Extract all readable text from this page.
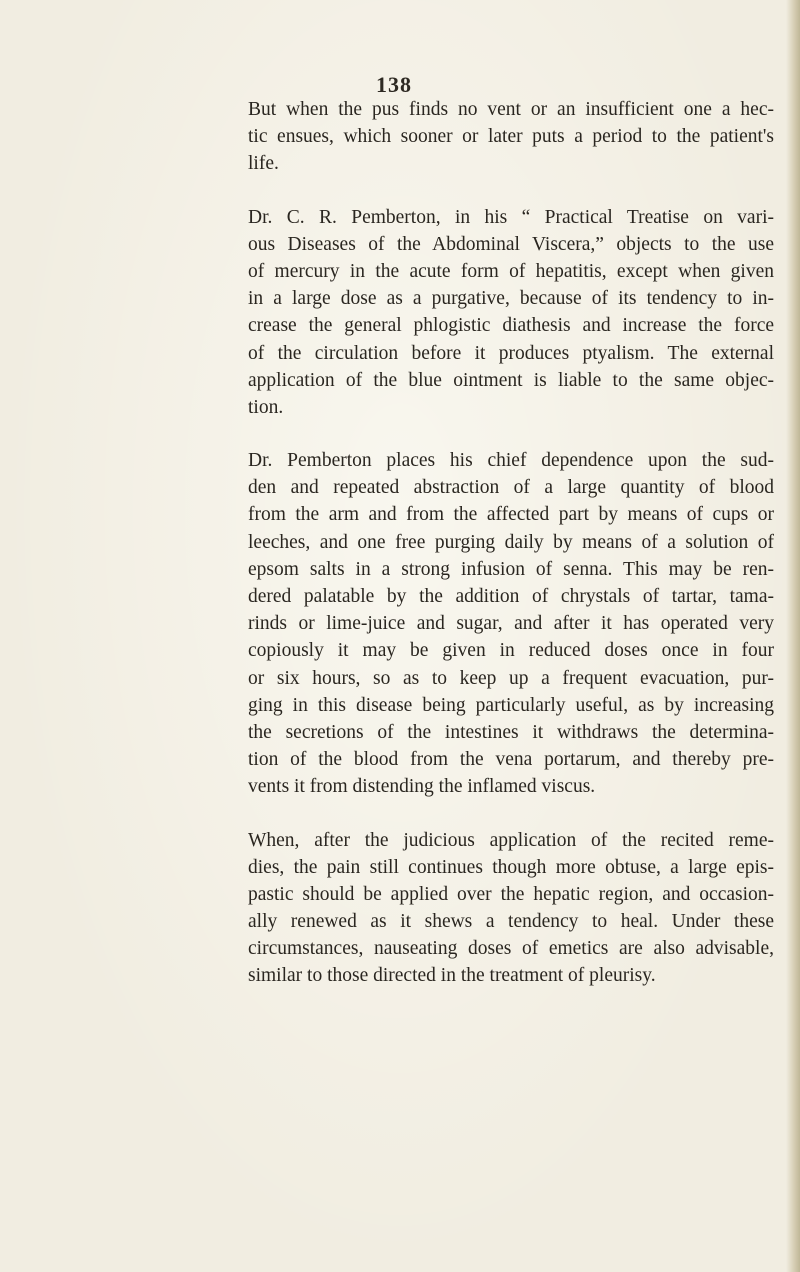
138
But when the pus finds no vent or an insufficient one a hec-
tic ensues, which sooner or later puts a period to the patient's
life.
Dr. C. R. Pemberton, in his “ Practical Treatise on vari-
ous Diseases of the Abdominal Viscera,” objects to the use
of mercury in the acute form of hepatitis, except when given
in a large dose as a purgative, because of its tendency to in-
crease the general phlogistic diathesis and increase the force
of the circulation before it produces ptyalism. The external
application of the blue ointment is liable to the same objec-
tion.
Dr. Pemberton places his chief dependence upon the sud-
den and repeated abstraction of a large quantity of blood
from the arm and from the affected part by means of cups or
leeches, and one free purging daily by means of a solution of
epsom salts in a strong infusion of senna. This may be ren-
dered palatable by the addition of chrystals of tartar, tama-
rinds or lime-juice and sugar, and after it has operated very
copiously it may be given in reduced doses once in four
or six hours, so as to keep up a frequent evacuation, pur-
ging in this disease being particularly useful, as by increasing
the secretions of the intestines it withdraws the determina-
tion of the blood from the vena portarum, and thereby pre-
vents it from distending the inflamed viscus.
When, after the judicious application of the recited reme-
dies, the pain still continues though more obtuse, a large epis-
pastic should be applied over the hepatic region, and occasion-
ally renewed as it shews a tendency to heal. Under these
circumstances, nauseating doses of emetics are also advisable,
similar to those directed in the treatment of pleurisy.
